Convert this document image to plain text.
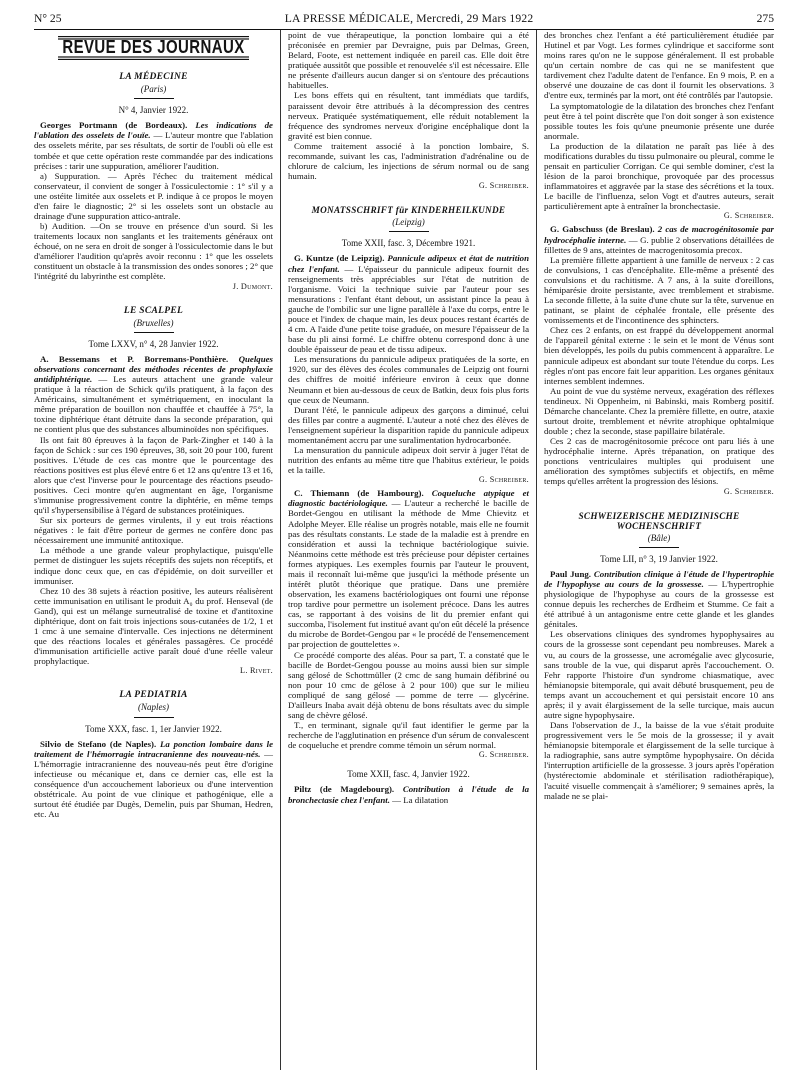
N° 25	LA PRESSE MÉDICALE, Mercredi, 29 Mars 1922	275
REVUE DES JOURNAUX
LA MÉDECINE
(Paris)
N° 4, Janvier 1922.

Georges Portmann (de Bordeaux). Les indications de l'ablation des osselets de l'ouïe. — L'auteur montre que l'ablation des osselets mérite, par ses résultats, de sortir de l'oubli où elle est tombée et que cette opération reste commandée par des indications précises : tarir une suppuration, améliorer l'audition.

a) Suppuration. — Après l'échec du traitement médical conservateur, il convient de songer à l'ossiculectomie : 1° s'il y a une ostéite limitée aux osselets et P. indique à ce propos le moyen d'en faire le diagnostic; 2° si les osselets sont un obstacle au drainage d'une suppuration attico-antrale.

b) Audition. —On se trouve en présence d'un sourd. Si les traitements locaux non sanglants et les traitements généraux ont échoué, on ne sera en droit de songer à l'ossiculectomie dans le but d'améliorer l'audition qu'après avoir reconnu : 1° que les osselets constituent un obstacle à la transmission des ondes sonores ; 2° que l'intégrité du labyrinthe est complète.

J. Dumont.
LE SCALPEL
(Bruxelles)
Tome LXXV, n° 4, 28 Janvier 1922.

A. Bessemans et P. Borremans-Ponthière. Quelques observations concernant des méthodes récentes de prophylaxie antidiphtérique. — Les auteurs attachent une grande valeur pratique à la réaction de Schick qu'ils pratiquent, à la façon des Américains, simultanément et symétriquement, en inoculant la même préparation de bouillon non chauffée et chauffée à 75°, la toxine diphtérique étant détruite dans la seconde préparation, qui ne contient plus que des substances albuminoïdes non spécifiques.

Ils ont fait 80 épreuves à la façon de Park-Zingher et 140 à la façon de Schick : sur ces 190 épreuves, 38, soit 20 pour 100, furent positives. L'étude de ces cas montre que le pourcentage des réactions positives est plus élevé entre 6 et 12 ans qu'entre 13 et 16, alors que c'est l'inverse pour le pourcentage des réactions pseudo-positives. Ceci montre qu'en augmentant en âge, l'organisme s'immunise progressivement contre la diphtérie, en même temps qu'il s'hypersensibilise à l'égard de substances protéiniques.

Sur six porteurs de germes virulents, il y eut trois réactions négatives : le fait d'être porteur de germes ne confère donc pas nécessairement une immunité antitoxique.

La méthode a une grande valeur prophylactique, puisqu'elle permet de distinguer les sujets réceptifs des sujets non réceptifs, et indique donc ceux que, en cas d'épidémie, on doit surveiller et immuniser.

Chez 10 des 38 sujets à réaction positive, les auteurs réalisèrent cette immunisation en utilisant le produit A₀ du prof. Henseval (de Gand), qui est un mélange surneutralisé de toxine et d'antitoxine diphtérique, dont on fait trois injections sous-cutanées de 1/2, 1 et 1 cmc à une semaine d'intervalle. Ces injections ne déterminent que des réactions locales et générales passagères. Ce procédé d'immunisation artificielle active paraît doué d'une réelle valeur prophylactique.

L. Rivet.
LA PEDIATRIA
(Naples)
Tome XXX, fasc. 1, 1er Janvier 1922.

Silvio de Stefano (de Naples). La ponction lombaire dans le traitement de l'hémorragie intracranienne des nouveau-nés. — L'hémorragie intracranienne des nouveau-nés peut être d'origine infectieuse ou mécanique et, dans ce dernier cas, elle est la conséquence d'un accouchement laborieux ou d'une intervention obstétricale. Au point de vue clinique et pathogénique, elle a surtout été étudiée par Dugès, Demelin, puis par Shuman, Hedren, etc. Au

point de vue thérapeutique, la ponction lombaire qui a été préconisée en premier par Devraigne, puis par Delmas, Green, Belard, Foote, est nettement indiquée en pareil cas. Elle doit être pratiquée aussitôt que possible et renouvelée s'il est nécessaire. Elle ne présente d'ailleurs aucun danger si on s'entoure des précautions habituelles.

Les bons effets qui en résultent, tant immédiats que tardifs, paraissent devoir être attribués à la décompression des centres nerveux. Pratiquée systématiquement, elle réduit notablement la fréquence des syndromes nerveux d'origine encéphalique dont la gravité est bien connue.

Comme traitement associé à la ponction lombaire, S. recommande, suivant les cas, l'administration d'adrénaline ou de chlorure de calcium, les injections de sérum normal ou de sang humain.

G. Schreiber.
MONATSSCHRIFT für KINDERHEILKUNDE
(Leipzig)
Tome XXII, fasc. 3, Décembre 1921.

G. Kuntze (de Leipzig). Pannicule adipeux et état de nutrition chez l'enfant. — L'épaisseur du pannicule adipeux fournit des renseignements très appréciables sur l'état de nutrition de l'organisme. Voici la technique suivie par l'auteur pour ses mensurations : l'enfant étant debout, un assistant pince la peau à gauche de l'ombilic sur une ligne parallèle à l'axe du corps, entre le pouce et l'index de chaque main, les deux pouces restant écartés de 4 cm. A l'aide d'une petite toise graduée, on mesure l'épaisseur de la base du pli ainsi formé. Le chiffre obtenu correspond donc à une double épaisseur de peau et de tissu adipeux.

Les mensurations du pannicule adipeux pratiquées de la sorte, en 1920, sur des élèves des écoles communales de Leipzig ont fourni des chiffres de moitié inférieure environ à ceux que donne Neumann et bien au-dessous de ceux de Batkin, deux fois plus forts que ceux de Neumann.

Durant l'été, le pannicule adipeux des garçons a diminué, celui des filles par contre a augmenté. L'auteur a noté chez des élèves de l'enseignement supérieur la disparition rapide du pannicule adipeux momentanément accru par une suralimentation hydrocarbonée.

La mensuration du pannicule adipeux doit servir à juger l'état de nutrition des enfants au même titre que l'habitus extérieur, le poids et la taille.

G. Schreiber.

C. Thiemann (de Hambourg). Coqueluche atypique et diagnostic bactériologique. — L'auteur a recherché le bacille de Bordet-Gengou en utilisant la méthode de Mme Chievitz et Adolphe Meyer. Elle réalise un progrès notable, mais elle ne fournit pas des résultats constants. Le stade de la maladie est à prendre en considération et aussi la technique bactériologique suivie. Néanmoins cette méthode est très précieuse pour dépister certaines formes atypiques. Les exemples fournis par l'auteur le prouvent, mais il reconnaît lui-même que jusqu'ici la méthode présente un intérêt plutôt théorique que pratique. Dans une première observation, les examens bactériologiques ont fourni une réponse trop tardive pour permettre un isolement précoce. Dans les autres cas, se rapportant à des voisins de lit du premier enfant qui succomba, l'isolement fut institué avant qu'on eût décelé la présence du microbe de Bordet-Gengou par « le procédé de l'ensemencement par projection de gouttelettes ».

Ce procédé comporte des aléas. Pour sa part, T. a constaté que le bacille de Bordet-Gengou pousse au moins aussi bien sur simple sang gélosé de Schottmüller (2 cmc de sang humain défibriné ou non pour 10 cmc de gélose à 2 pour 100) que sur le milieu compliqué de sang gélosé — pomme de terre — glycérine. D'ailleurs Inaba avait déjà obtenu de bons résultats avec du simple sang de chèvre gélosé.

T., en terminant, signale qu'il faut identifier le germe par la recherche de l'agglutination en présence d'un sérum de convalescent de coqueluche et prendre comme témoin un sérum normal.

G. Schreiber.
Tome XXII, fasc. 4, Janvier 1922.

Piltz (de Magdebourg). Contribution à l'étude de la bronchectasie chez l'enfant. — La dilatation

des bronches chez l'enfant a été particulièrement étudiée par Hutinel et par Vogt. Les formes cylindrique et sacciforme sont moins rares qu'on ne le suppose généralement. Il est probable qu'un certain nombre de cas qui ne se manifestent que tardivement chez l'adulte datent de l'enfance. En 9 mois, P. en a observé une douzaine de cas dont il fournit les observations. 3 d'entre eux, terminés par la mort, ont été contrôlés par l'autopsie.

La symptomatologie de la dilatation des bronches chez l'enfant peut être à tel point discrète que l'on doit songer à son existence possible toutes les fois qu'une pneumonie présente une durée anormale.

La production de la dilatation ne paraît pas liée à des modifications durables du tissu pulmonaire ou pleural, comme le pensait en particulier Corrigan. Ce qui semble dominer, c'est la lésion de la paroi bronchique, provoquée par des processus inflammatoires et aggravée par la stase des sécrétions et la toux. Le bacille de l'influenza, selon Vogt et d'autres auteurs, serait particulièrement apte à entraîner la bronchectasie.

G. Schreiber.

G. Gabschuss (de Breslau). 2 cas de macrogénitosomie par hydrocéphalie interne. — G. publie 2 observations détaillées de fillettes de 9 ans, atteintes de macrogenitosomia precox.

La première fillette appartient à une famille de nerveux : 2 cas de convulsions, 1 cas d'encéphalite. Elle-même a présenté des convulsions et du rachitisme. A 7 ans, à la suite d'oreillons, hémiparésie droite persistante, avec tremblement et strabisme. La seconde fillette, à la suite d'une chute sur la tête, survenue en patinant, se plaint de céphalée frontale, elle présente des vomissements et de l'incontinence des sphincters.

Chez ces 2 enfants, on est frappé du développement anormal de l'appareil génital externe : le sein et le mont de Vénus sont bien développés, les poils du pubis commencent à apparaître. Le pannicule adipeux est abondant sur toute l'étendue du corps. Les règles n'ont pas encore fait leur apparition. Les organes génitaux internes semblent indemnes.

Au point de vue du système nerveux, exagération des réflexes tendineux. Ni Oppenheim, ni Babinski, mais Romberg positif. Démarche chancelante. Chez la première fillette, en outre, ataxie surtout droite, tremblement et névrite atrophique ophtalmique double ; chez la seconde, stase papillaire bilatérale.

Ces 2 cas de macrogénitosomie précoce ont paru liés à une hydrocéphalie interne. Après trépanation, on pratique des ponctions ventriculaires multiples qui produisent une amélioration des symptômes subjectifs et objectifs, en même temps qu'elles arrêtent la progression des lésions.

G. Schreiber.
SCHWEIZERISCHE MEDIZINISCHE WOCHENSCHRIFT
(Bâle)
Tome LII, n° 3, 19 Janvier 1922.

Paul Jung. Contribution clinique à l'étude de l'hypertrophie de l'hypophyse au cours de la grossesse. — L'hypertrophie physiologique de l'hypophyse au cours de la grossesse est connue depuis les recherches de Erdheim et Stumme. Ce fait a été attribué à un antagonisme entre cette glande et les glandes génitales.

Les observations cliniques des syndromes hypophysaires au cours de la grossesse sont cependant peu nombreuses. Marek a vu, au cours de la grossesse, une acromégalie avec glycosurie, sans trouble de la vue, qui disparut après l'accouchement. O. Fehr rapporte l'histoire d'un syndrome chiasmatique, avec hémianopsie bitemporale, qui avait débuté brusquement, peu de temps avant un accouchement et qui persistait encore 10 ans après; il y avait élargissement de la selle turcique, mais aucun autre signe hypophysaire.

Dans l'observation de J., la baisse de la vue s'était produite progressivement vers le 5e mois de la grossesse; il y avait hémianopsie bitemporale et élargissement de la selle turcique à la radiographie, sans autre symptôme hypophysaire. On décida l'interruption artificielle de la grossesse. 3 jours après l'opération (hystérectomie abdominale et stérilisation radiothérapique), l'acuité visuelle commençait à s'améliorer; 9 semaines après, la malade ne se plai-
